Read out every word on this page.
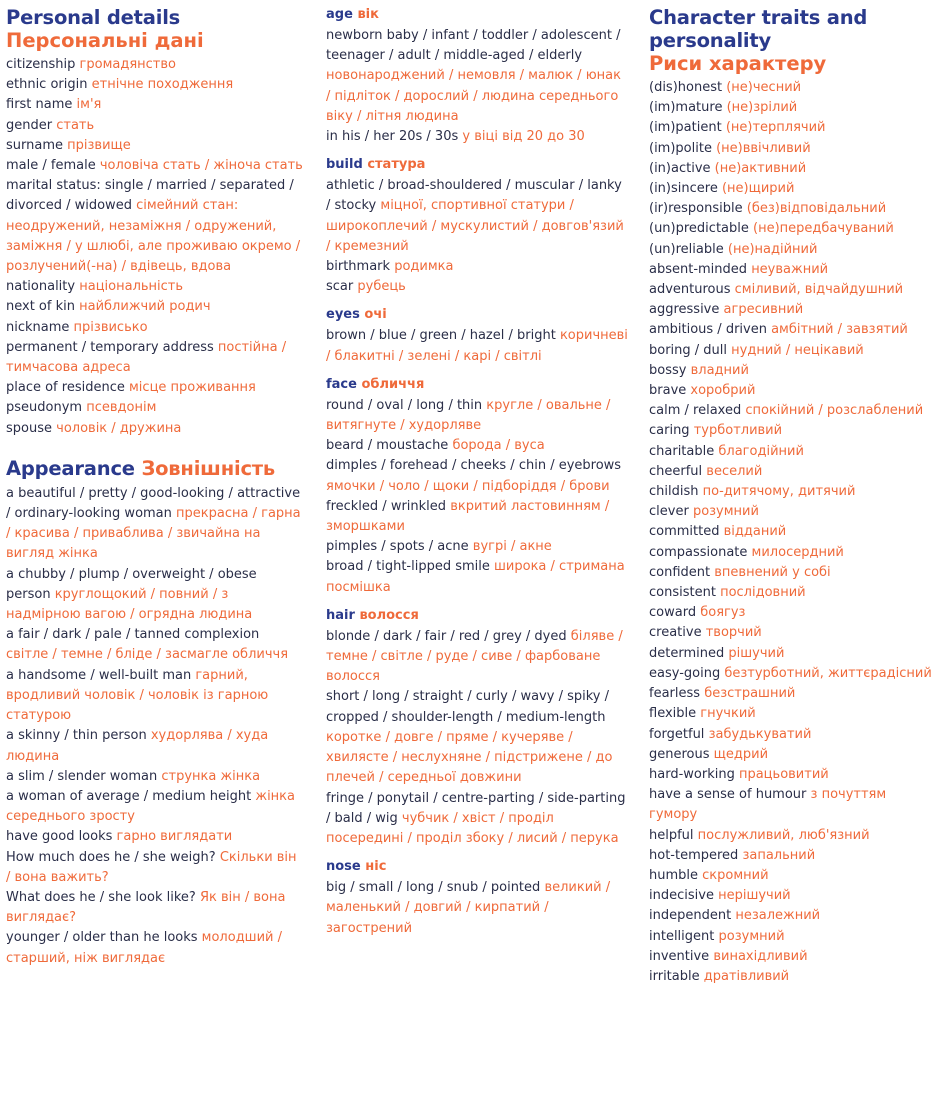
Personal details
Персональні дані
citizenship громадянство
ethnic origin етнічне походження
first name ім'я
gender стать
surname прізвище
male / female чоловіча стать / жіноча стать
marital status: single / married / separated / divorced / widowed сімейний стан: неодружений, незаміжня / одружений, заміжня / у шлюбі, але проживаю окремо / розлучений(-на) / вдівець, вдова
nationality національність
next of kin найближчий родич
nickname прізвисько
permanent / temporary address постійна / тимчасова адреса
place of residence місце проживання
pseudonym псевдонім
spouse чоловік / дружина
Appearance Зовнішність
a beautiful / pretty / good-looking / attractive / ordinary-looking woman прекрасна / гарна / красива / приваблива / звичайна на вигляд жінка
a chubby / plump / overweight / obese person круглощокий / повний / з надмірною вагою / огрядна людина
a fair / dark / pale / tanned complexion світле / темне / бліде / засмагле обличчя
a handsome / well-built man гарний, вродливий чоловік / чоловік із гарною статурою
a skinny / thin person худорлява / худа людина
a slim / slender woman струнка жінка
a woman of average / medium height жінка середнього зросту
have good looks гарно виглядати
How much does he / she weigh? Скільки він / вона важить?
What does he / she look like? Як він / вона виглядає?
younger / older than he looks молодший / старший, ніж виглядає
age вік
newborn baby / infant / toddler / adolescent / teenager / adult / middle-aged / elderly новонароджений / немовля / малюк / юнак / підліток / дорослий / людина середнього віку / літня людина
in his / her 20s / 30s у віці від 20 до 30
build статура
athletic / broad-shouldered / muscular / lanky / stocky міцної, спортивної статури / широкоплечий / мускулистий / довгов'язий / кремезний
birthmark родимка
scar рубець
eyes очі
brown / blue / green / hazel / bright коричневі / блакитні / зелені / карі / світлі
face обличчя
round / oval / long / thin кругле / овальне / витягнуте / худорляве
beard / moustache борода / вуса
dimples / forehead / cheeks / chin / eyebrows ямочки / чоло / щоки / підборіддя / брови
freckled / wrinkled вкритий ластовинням / зморшками
pimples / spots / acne вугрі / акне
broad / tight-lipped smile широка / стримана посмішка
hair волосся
blonde / dark / fair / red / grey / dyed біляве / темне / світле / руде / сиве / фарбоване волосся
short / long / straight / curly / wavy / spiky / cropped / shoulder-length / medium-length коротке / довге / пряме / кучеряве / хвилясте / неслухняне / підстрижене / до плечей / середньої довжини
fringe / ponytail / centre-parting / side-parting / bald / wig чубчик / хвіст / проділ посередині / проділ збоку / лисий / перука
nose ніс
big / small / long / snub / pointed великий / маленький / довгий / кирпатий / загострений
Character traits and personality
Риси характеру
(dis)honest (не)чесний
(im)mature (не)зрілий
(im)patient (не)терплячий
(im)polite (не)ввічливий
(in)active (не)активний
(in)sincere (не)щирий
(ir)responsible (без)відповідальний
(un)predictable (не)передбачуваний
(un)reliable (не)надійний
absent-minded неуважний
adventurous сміливий, відчайдушний
aggressive агресивний
ambitious / driven амбітний / завзятий
boring / dull нудний / нецікавий
bossy владний
brave хоробрий
calm / relaxed спокійний / розслаблений
caring турботливий
charitable благодійний
cheerful веселий
childish по-дитячому, дитячий
clever розумний
committed відданий
compassionate милосердний
confident впевнений у собі
consistent послідовний
coward боягуз
creative творчий
determined рішучий
easy-going безтурботний, життєрадісний
fearless безстрашний
flexible гнучкий
forgetful забудькуватий
generous щедрий
hard-working працьовитий
have a sense of humour з почуттям гумору
helpful послужливий, люб'язний
hot-tempered запальний
humble скромний
indecisive нерішучий
independent незалежний
intelligent розумний
inventive винахідливий
irritable дратівливий
